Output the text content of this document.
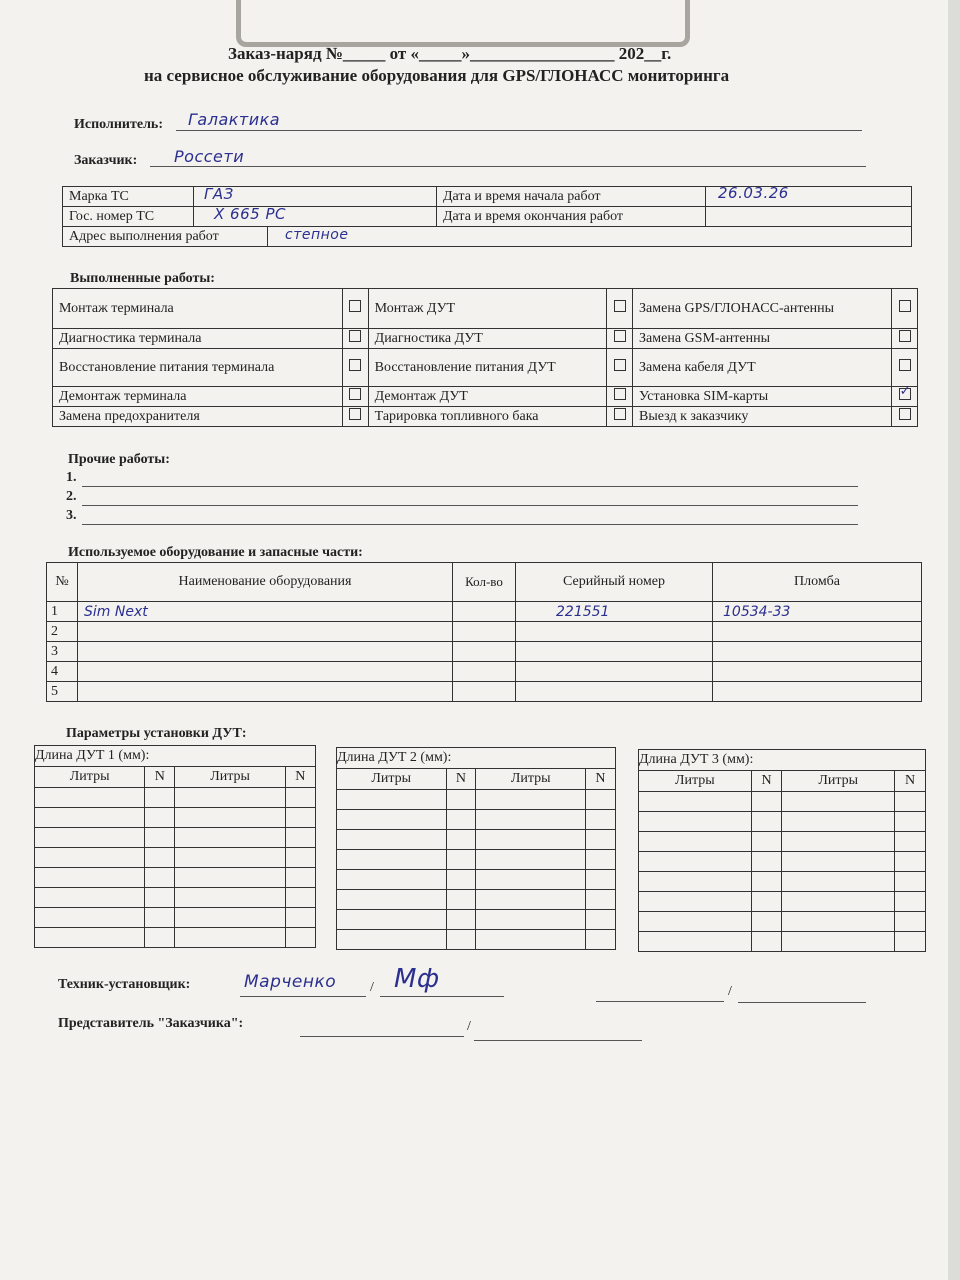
Заказ-наряд №_____ от «_____»_________________ 202__г.
на сервисное обслуживание оборудования для GPS/ГЛОНАСС мониторинга
Исполнитель: Галактика
Заказчик: Россети
Марка ТС	ГАЗ	Дата и время начала работ	26.03.26

Гос. номер ТС	Х 665 РС	Дата и время окончания работ	
Адрес выполнения работ степное			
Выполненные работы:
Монтаж терминала		Монтаж ДУТ		Замена GPS/ГЛОНАСС-антенны	
Диагностика терминала		Диагностика ДУТ		Замена GSM-антенны	
Восстановление питания терминала		Восстановление питания ДУТ		Замена кабеля ДУТ	
Демонтаж терминала		Демонтаж ДУТ		Установка SIM-карты	✓
Замена предохранителя		Тарировка топливного бака		Выезд к заказчику	
Прочие работы:
1.
2.
3.
Используемое оборудование и запасные части:
№	Наименование оборудования	Кол-во	Серийный номер	Пломба
1	Sim Next		221551	10534-33
2				
3				
4				
5				
Параметры установки ДУТ:
Длина ДУТ 1 (мм):			
Литры	N	Литры	N

Длина ДУТ 2 (мм):			
Литры	N	Литры	N

Длина ДУТ 3 (мм):			
Литры	N	Литры	N

Техник-установщик:	Марченко / Мф	/
Представитель "Заказчика":	/
